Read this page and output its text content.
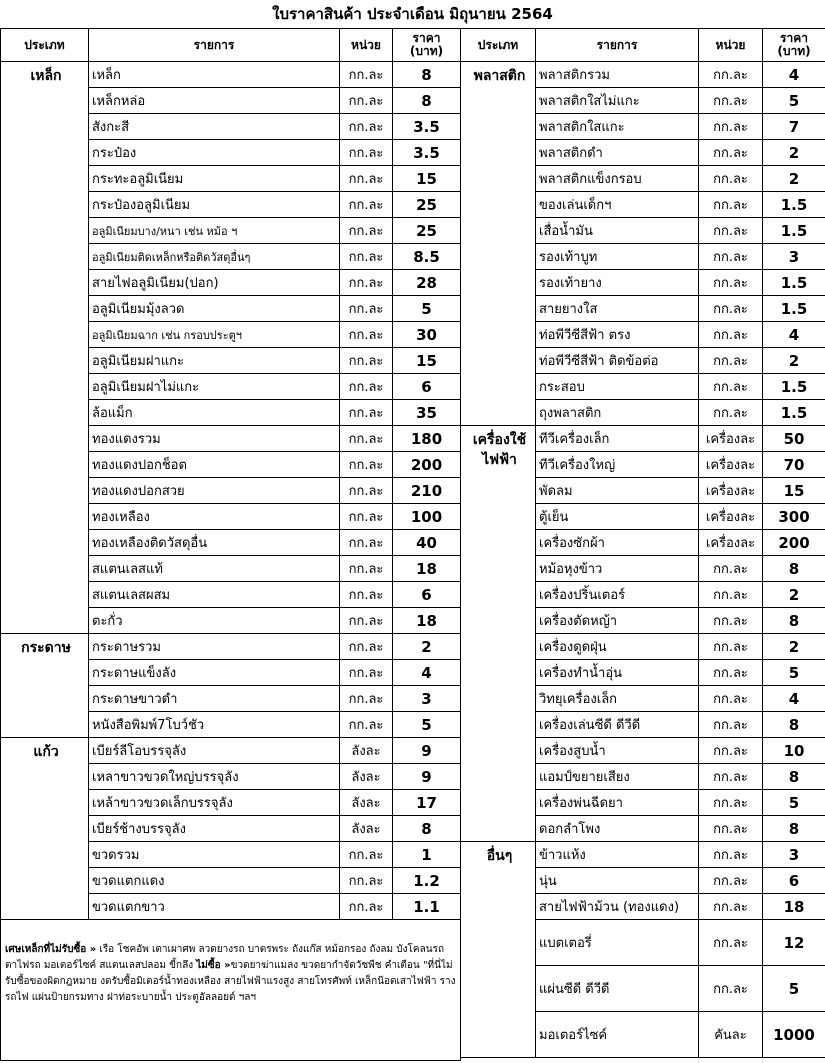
ใบราคาสินค้า ประจำเดือน มิถุนายน 2564
ประเภท	รายการ	หน่วย	ราคา
(บาท)
เหล็ก	เหล็ก	กก.ละ	8
	เหล็กหล่อ	กก.ละ	8
	สังกะสี	กก.ละ	3.5
	กระป๋อง	กก.ละ	3.5
	กระทะอลูมิเนียม	กก.ละ	15
	กระป๋องอลูมิเนียม	กก.ละ	25
	อลูมิเนียมบาง/หนา เช่น หม้อ ฯ	กก.ละ	25
	อลูมิเนียมติดเหล็กหรือติดวัสดุอื่นๆ	กก.ละ	8.5
	สายไฟอลูมิเนียม(ปอก)	กก.ละ	28
	อลูมิเนียมมุ้งลวด	กก.ละ	5
	อลูมิเนียมฉาก เช่น กรอบประตูฯ	กก.ละ	30
	อลูมิเนียมฝาแกะ	กก.ละ	15
	อลูมิเนียมฝาไม่แกะ	กก.ละ	6
	ล้อแม็ก	กก.ละ	35
	ทองแดงรวม	กก.ละ	180
	ทองแดงปอกช็อต	กก.ละ	200
	ทองแดงปอกสวย	กก.ละ	210
	ทองเหลือง	กก.ละ	100
	ทองเหลืองติดวัสดุอื่น	กก.ละ	40
	สแตนเลสแท้	กก.ละ	18
	สแตนเลสผสม	กก.ละ	6
	ตะกั่ว	กก.ละ	18
กระดาษ	กระดาษรวม	กก.ละ	2
	กระดาษแข็งลัง	กก.ละ	4
	กระดาษขาวดำ	กก.ละ	3
	หนังสือพิมพ์7โบว์ชัว	กก.ละ	5
แก้ว	เบียร์ลีโอบรรจุลัง	ลังละ	9
	เหลาขาวขวดใหญ่บรรจุลัง	ลังละ	9
	เหล้าขาวขวดเล็กบรรจุลัง	ลังละ	17
	เบียร์ช้างบรรจุลัง	ลังละ	8
	ขวดรวม	กก.ละ	1
	ขวดแตกแดง	กก.ละ	1.2
	ขวดแตกขาว	กก.ละ	1.1
เศษเหล็กที่ไม่รับซื้อ » เรือ โชคอัพ เตาเผาศพ ลวดยางรถ บาตรพระ ถังแก๊ส หม้อกรอง ถังลม บังโคลนรถ ตาไฟรถ มอเตอร์ไซค์ สแตนเลสปลอม ขี้กลึง ไม่ซื้อ »ขวดยาฆ่าแมลง ขวดยากำจัดวัชพืช คำเตือน "ที่นี่ไม่รับซื้อของผิดกฎหมาย งดรับซื้อมิเตอร์น้ำทองเหลือง สายไฟฟ้าแรงสูง สายโทรศัพท์ เหล็กน๊อตเสาไฟฟ้า รางรถไฟ แผ่นป้ายกรมทาง ฝาท่อระบายน้ำ ประตูอัลลอยด์ ฯลฯ			
ประเภท	รายการ	หน่วย	ราคา
(บาท)
พลาสติก	พลาสติกรวม	กก.ละ	4
	พลาสติกใสไม่แกะ	กก.ละ	5
	พลาสติกใสแกะ	กก.ละ	7
	พลาสติกดำ	กก.ละ	2
	พลาสติกแข็งกรอบ	กก.ละ	2
	ของเล่นเด็กฯ	กก.ละ	1.5
	เสื่อน้ำมัน	กก.ละ	1.5
	รองเท้าบูท	กก.ละ	3
	รองเท้ายาง	กก.ละ	1.5
	สายยางใส	กก.ละ	1.5
	ท่อพีวีซีสีฟ้า ตรง	กก.ละ	4
	ท่อพีวีซีสีฟ้า ติดข้อต่อ	กก.ละ	2
	กระสอบ	กก.ละ	1.5
	ถุงพลาสติก	กก.ละ	1.5
เครื่องใช้ไฟฟ้า	ทีวีเครื่องเล็ก	เครื่องละ	50
	ทีวีเครื่องใหญ่	เครื่องละ	70
	พัดลม	เครื่องละ	15
	ตู้เย็น	เครื่องละ	300
	เครื่องซักผ้า	เครื่องละ	200
	หม้อหุงข้าว	กก.ละ	8
	เครื่องปริ้นเตอร์	กก.ละ	2
	เครื่องตัดหญ้า	กก.ละ	8
	เครื่องดูดฝุ่น	กก.ละ	2
	เครื่องทำน้ำอุ่น	กก.ละ	5
	วิทยุเครื่องเล็ก	กก.ละ	4
	เครื่องเล่นซีดี ดีวีดี	กก.ละ	8
	เครื่องสูบน้ำ	กก.ละ	10
	แอมป์ขยายเสียง	กก.ละ	8
	เครื่องพ่นฉีดยา	กก.ละ	5
	ดอกลำโพง	กก.ละ	8
อื่นๆ	ข้าวแห้ง	กก.ละ	3
	นุ่น	กก.ละ	6
	สายไฟฟ้าม้วน (ทองแดง)	กก.ละ	18
	แบตเตอรี่	กก.ละ	12
	แผ่นซีดี ดีวีดี	กก.ละ	5
	มอเตอร์ไซค์	คันละ	1000
